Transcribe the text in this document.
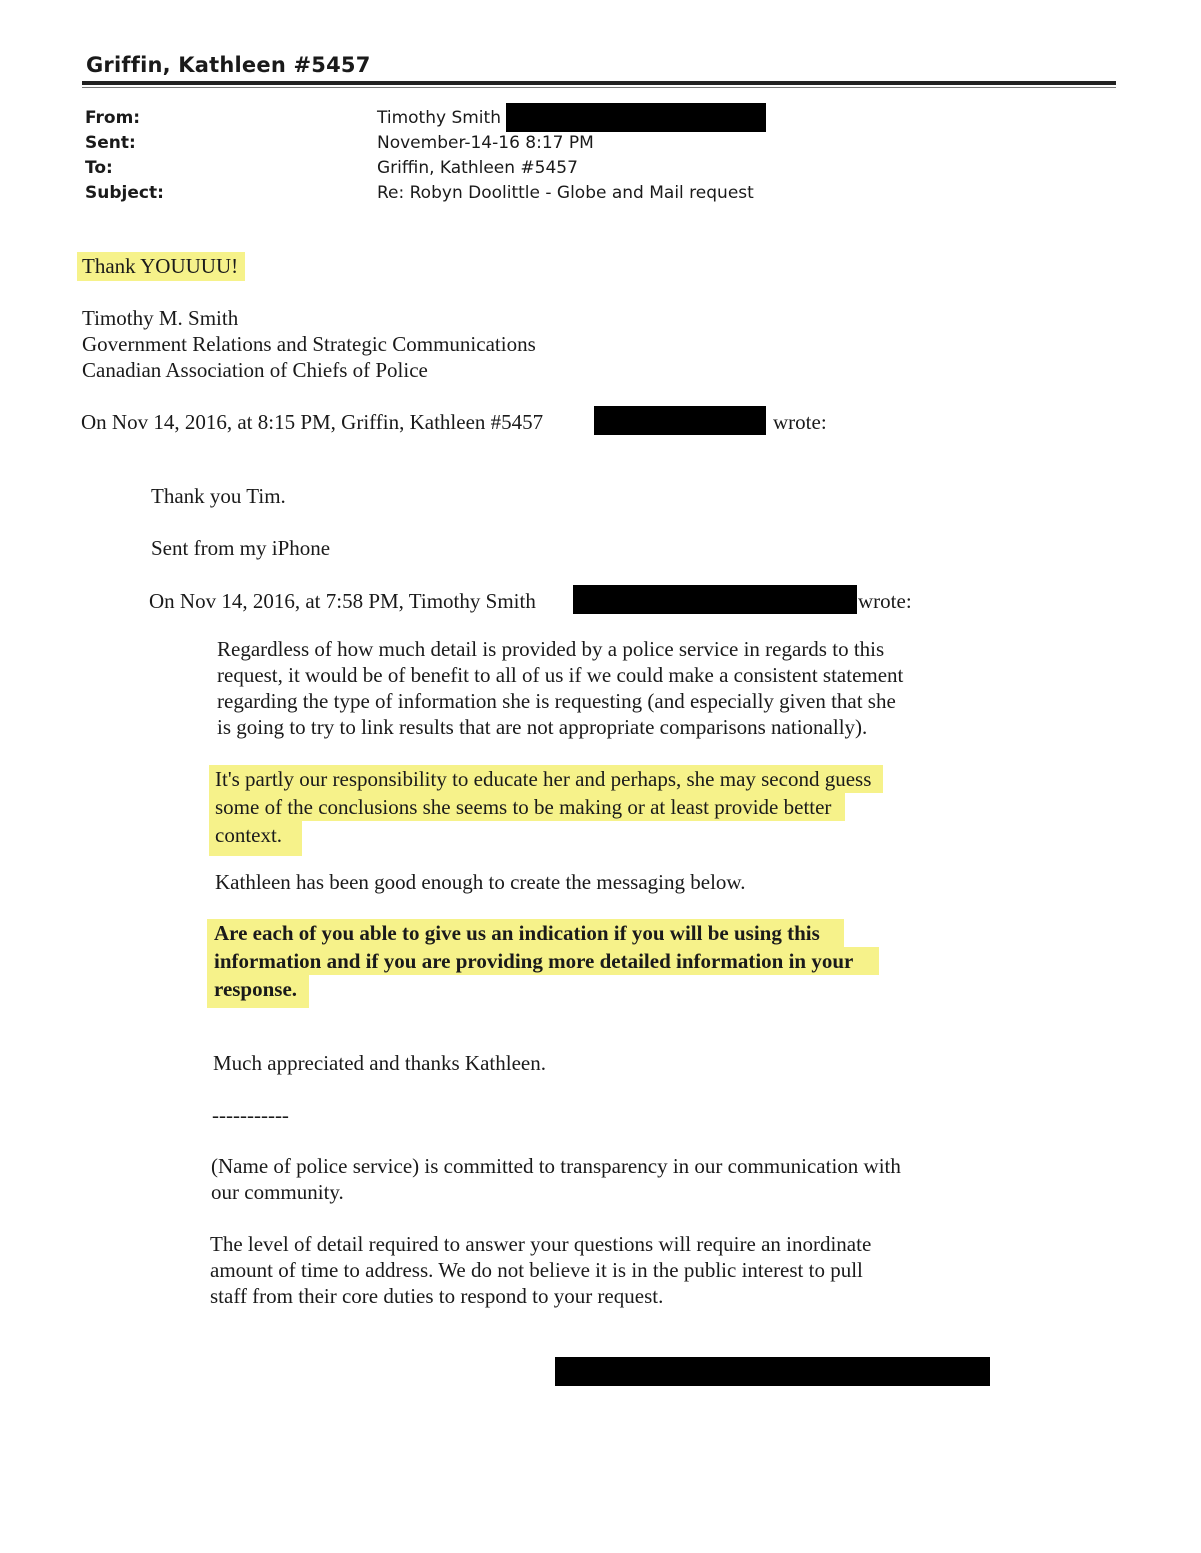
Griffin, Kathleen #5457
From:	Timothy Smith
Sent:	November-14-16 8:17 PM
To:	Griffin, Kathleen #5457
Subject:	Re: Robyn Doolittle - Globe and Mail request
Thank YOUUUU!
Timothy M. Smith
Government Relations and Strategic Communications
Canadian Association of Chiefs of Police
On Nov 14, 2016, at 8:15 PM, Griffin, Kathleen #5457	wrote:
Thank you Tim.
Sent from my iPhone
On Nov 14, 2016, at 7:58 PM, Timothy Smith	wrote:
Regardless of how much detail is provided by a police service in regards to this
request, it would be of benefit to all of us if we could make a consistent statement
regarding the type of information she is requesting (and especially given that she
is going to try to link results that are not appropriate comparisons nationally).
It's partly our responsibility to educate her and perhaps, she may second guess
some of the conclusions she seems to be making or at least provide better
context.
Kathleen has been good enough to create the messaging below.
Are each of you able to give us an indication if you will be using this
information and if you are providing more detailed information in your
response.
Much appreciated and thanks Kathleen.
-----------
(Name of police service) is committed to transparency in our communication with
our community.
The level of detail required to answer your questions will require an inordinate
amount of time to address. We do not believe it is in the public interest to pull
staff from their core duties to respond to your request.
